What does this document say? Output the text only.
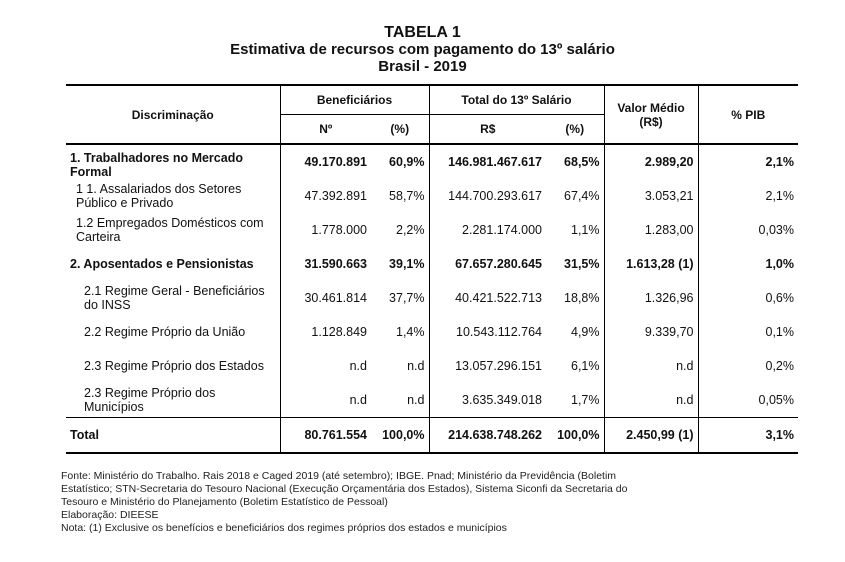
TABELA 1
Estimativa de recursos com pagamento do 13º salário
Brasil - 2019
Discriminação	Beneficiários		Total do 13º Salário		Valor Médio (R$)	% PIB
	Nº	(%)	R$	(%)		
1. Trabalhadores no Mercado Formal	49.170.891	60,9%	146.981.467.617	68,5%	2.989,20	2,1%
1 1. Assalariados dos Setores Público e Privado	47.392.891	58,7%	144.700.293.617	67,4%	3.053,21	2,1%
1.2 Empregados Domésticos com Carteira	1.778.000	2,2%	2.281.174.000	1,1%	1.283,00	0,03%
2. Aposentados e Pensionistas	31.590.663	39,1%	67.657.280.645	31,5%	1.613,28 (1)	1,0%
2.1 Regime Geral - Beneficiários do INSS	30.461.814	37,7%	40.421.522.713	18,8%	1.326,96	0,6%
2.2 Regime Próprio da União	1.128.849	1,4%	10.543.112.764	4,9%	9.339,70	0,1%
2.3 Regime Próprio dos Estados	n.d	n.d	13.057.296.151	6,1%	n.d	0,2%
2.3 Regime Próprio dos Municípios	n.d	n.d	3.635.349.018	1,7%	n.d	0,05%
Total	80.761.554	100,0%	214.638.748.262	100,0%	2.450,99 (1)	3,1%
Fonte: Ministério do Trabalho. Rais 2018 e Caged 2019 (até setembro); IBGE. Pnad; Ministério da Previdência (Boletim
Estatístico; STN-Secretaria do Tesouro Nacional (Execução Orçamentária dos Estados), Sistema Siconfi da Secretaria do
Tesouro e Ministério do Planejamento (Boletim Estatístico de Pessoal)
Elaboração: DIEESE
Nota: (1) Exclusive os benefícios e beneficiários dos regimes próprios dos estados e municípios
